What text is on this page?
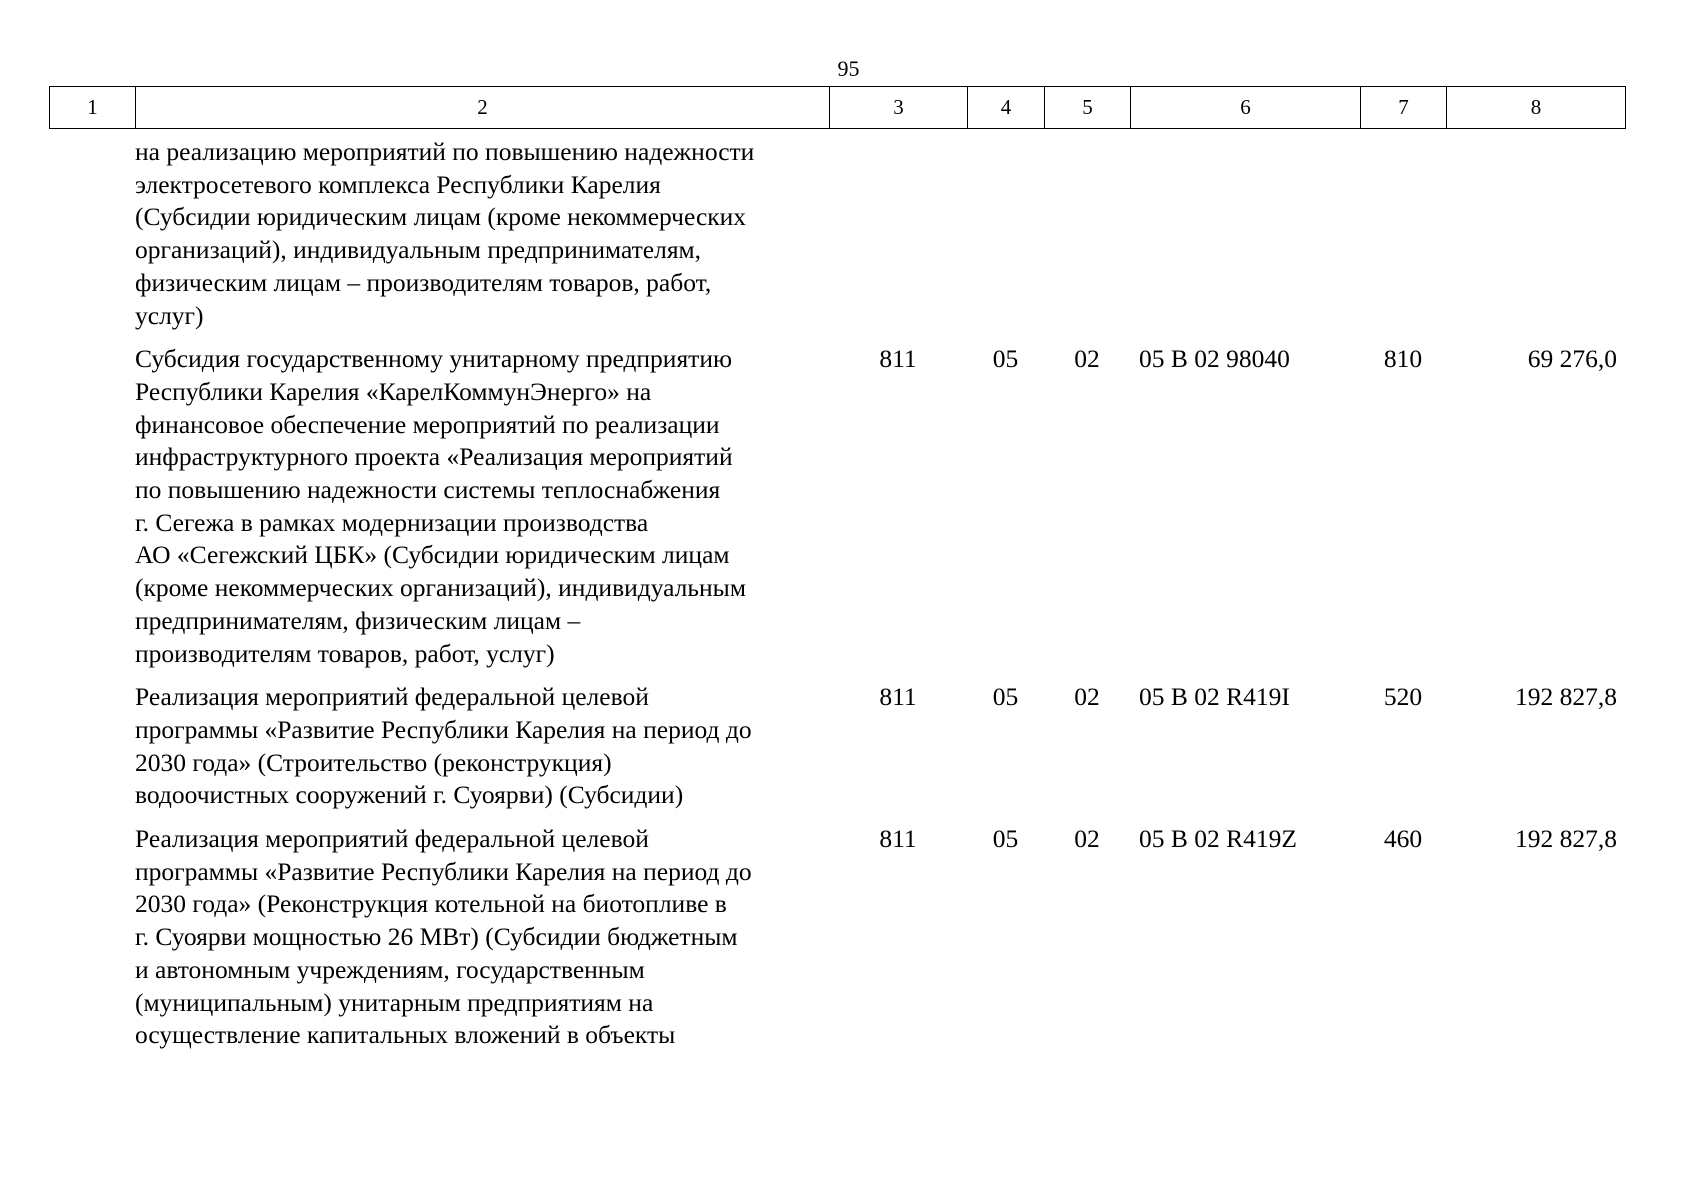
95
1	2	3	4	5	6	7	8
на реализацию мероприятий по повышению надежности
электросетевого комплекса Республики Карелия
(Субсидии юридическим лицам (кроме некоммерческих
организаций), индивидуальным предпринимателям,
физическим лицам – производителям товаров, работ,
услуг)
Субсидия государственному унитарному предприятию
Республики Карелия «КарелКоммунЭнерго» на
финансовое обеспечение мероприятий по реализации
инфраструктурного проекта «Реализация мероприятий
по повышению надежности системы теплоснабжения
г. Сегежа в рамках модернизации производства
АО «Сегежский ЦБК» (Субсидии юридическим лицам
(кроме некоммерческих организаций), индивидуальным
предпринимателям, физическим лицам –
производителям товаров, работ, услуг)
811	05	02	05 В 02 98040	810	69 276,0
Реализация мероприятий федеральной целевой
программы «Развитие Республики Карелия на период до
2030 года» (Строительство (реконструкция)
водоочистных сооружений г. Суоярви) (Субсидии)
811	05	02	05 В 02 R419I	520	192 827,8
Реализация мероприятий федеральной целевой
программы «Развитие Республики Карелия на период до
2030 года» (Реконструкция котельной на биотопливе в
г. Суоярви мощностью 26 МВт) (Субсидии бюджетным
и автономным учреждениям, государственным
(муниципальным) унитарным предприятиям на
осуществление капитальных вложений в объекты
811	05	02	05 В 02 R419Z	460	192 827,8
